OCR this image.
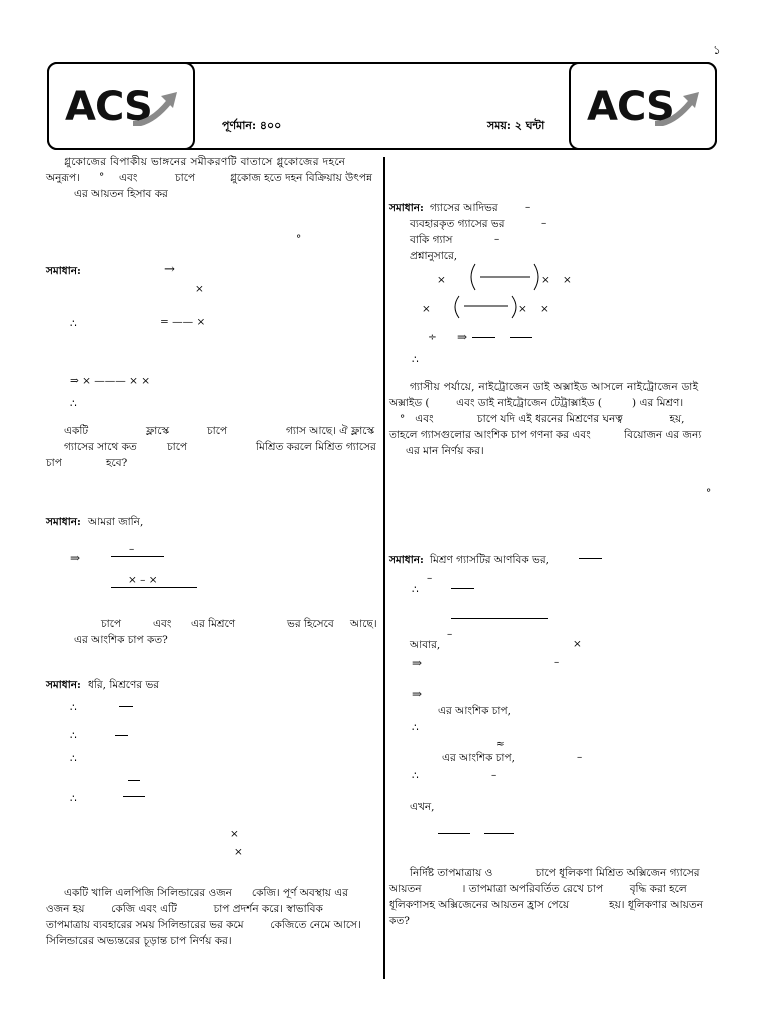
১
ACS	ACS
পূর্ণমান: ৪০০	সময়: ২ ঘন্টা
গ্লুকোজের বিপাকীয় ভাঙ্গনের সমীকরণটি বাতাসে গ্লুকোজের দহনে
অনুরূপ। ° এবং	চাপে	গ্লুকোজ হতে দহন বিক্রিয়ায় উৎপন্ন
এর আয়তন হিসাব কর
°
সমাধান:	→
×
∴	= —— ×
⇒ × ——— × ×
∴
একটি	ফ্লাস্কে	চাপে	গ্যাস আছে। ঐ ফ্লাস্কে
গ্যাসের সাথে কত	চাপে	মিশ্রিত করলে মিশ্রিত গ্যাসের
চাপ	হবে?
সমাধান: আমরা জানি,
–
⇒
× – ×
চাপে	এবং এর মিশ্রণে	ভর হিসেবে আছে।
এর আংশিক চাপ কত?
সমাধান: ধরি, মিশ্রণের ভর
∴
∴
∴
∴
×
×
একটি খালি এলপিজি সিলিন্ডারের ওজন      কেজি। পূর্ণ অবস্থায় এর
ওজন হয়        কেজি এবং এটি           চাপ প্রদর্শন করে। স্বাভাবিক
তাপমাত্রায় ব্যবহারের সময় সিলিন্ডারের ভর কমে        কেজিতে নেমে আসে।
সিলিন্ডারের অভ্যন্তরের চূড়ান্ত চাপ নির্ণয় কর।
সমাধান: গ্যাসের আদিভর	–
ব্যবহারকৃত গ্যাসের ভর	–
বাকি গ্যাস	–
প্রশ্নানুসারে,
×	× ×
×	× ×
÷ ⇒
∴
গ্যাসীয় পর্যায়ে, নাইট্রোজেন ডাই অক্সাইড আসলে নাইট্রোজেন ডাই
অক্সাইড (        এবং ডাই নাইট্রোজেন টেট্রাক্সাইড (         ) এর মিশ্রণ।
°   এবং             চাপে যদি এই ধরনের মিশ্রণের ঘনত্ব              হয়,
তাহলে গ্যাসগুলোর আংশিক চাপ গণনা কর এবং          বিয়োজন এর জন্য
এর মান নির্ণয় কর।
°
সমাধান: মিশ্রণ গ্যাসটির আণবিক ভর,
–
∴
–
আবার,	×
⇒	–
⇒
এর আংশিক চাপ,
∴
≈
এর আংশিক চাপ,	–
∴	–
এখন,
নির্দিষ্ট তাপমাত্রায় ও             চাপে ধূলিকণা মিশ্রিত অক্সিজেন গ্যাসের
আয়তন            । তাপমাত্রা অপরিবর্তিত রেখে চাপ        বৃদ্ধি করা হলে
ধূলিকণাসহ অক্সিজেনের আয়তন হ্রাস পেয়ে            হয়। ধূলিকণার আয়তন
কত?
